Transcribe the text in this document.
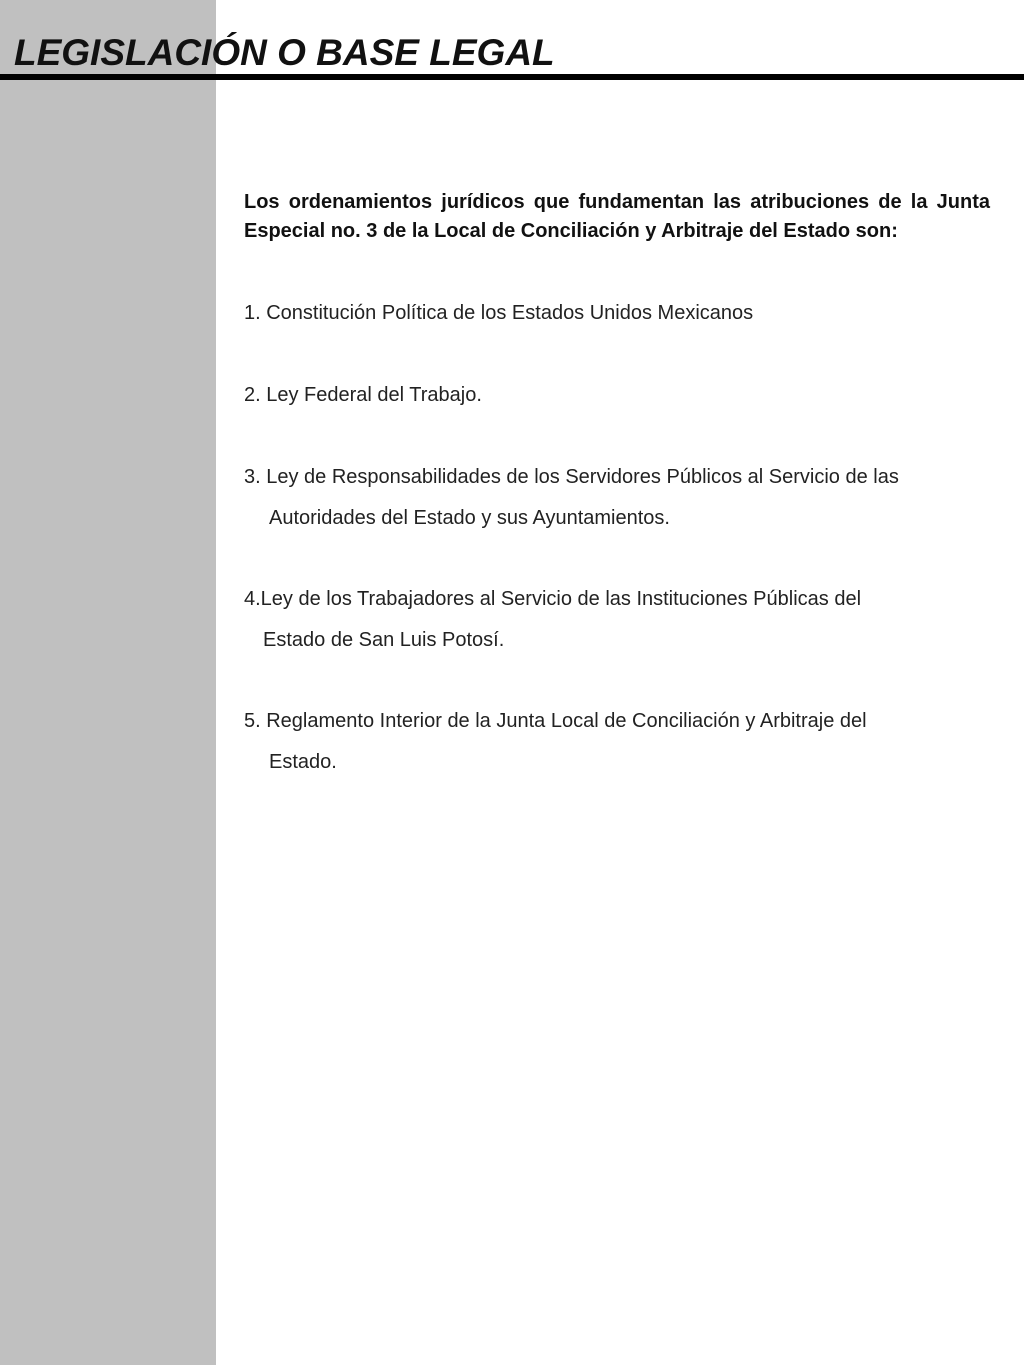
LEGISLACIÓN O BASE LEGAL

Los ordenamientos jurídicos que fundamentan las atribuciones de la Junta Especial no. 3 de la Local de Conciliación y Arbitraje del Estado son:

1. Constitución Política de los Estados Unidos Mexicanos
2. Ley Federal del Trabajo.
3. Ley de Responsabilidades de los Servidores Públicos al Servicio de las
Autoridades del Estado y sus Ayuntamientos.
4.Ley de los Trabajadores al Servicio de las Instituciones Públicas del
Estado de San Luis Potosí.
5. Reglamento Interior de la Junta Local de Conciliación y Arbitraje del
Estado.
